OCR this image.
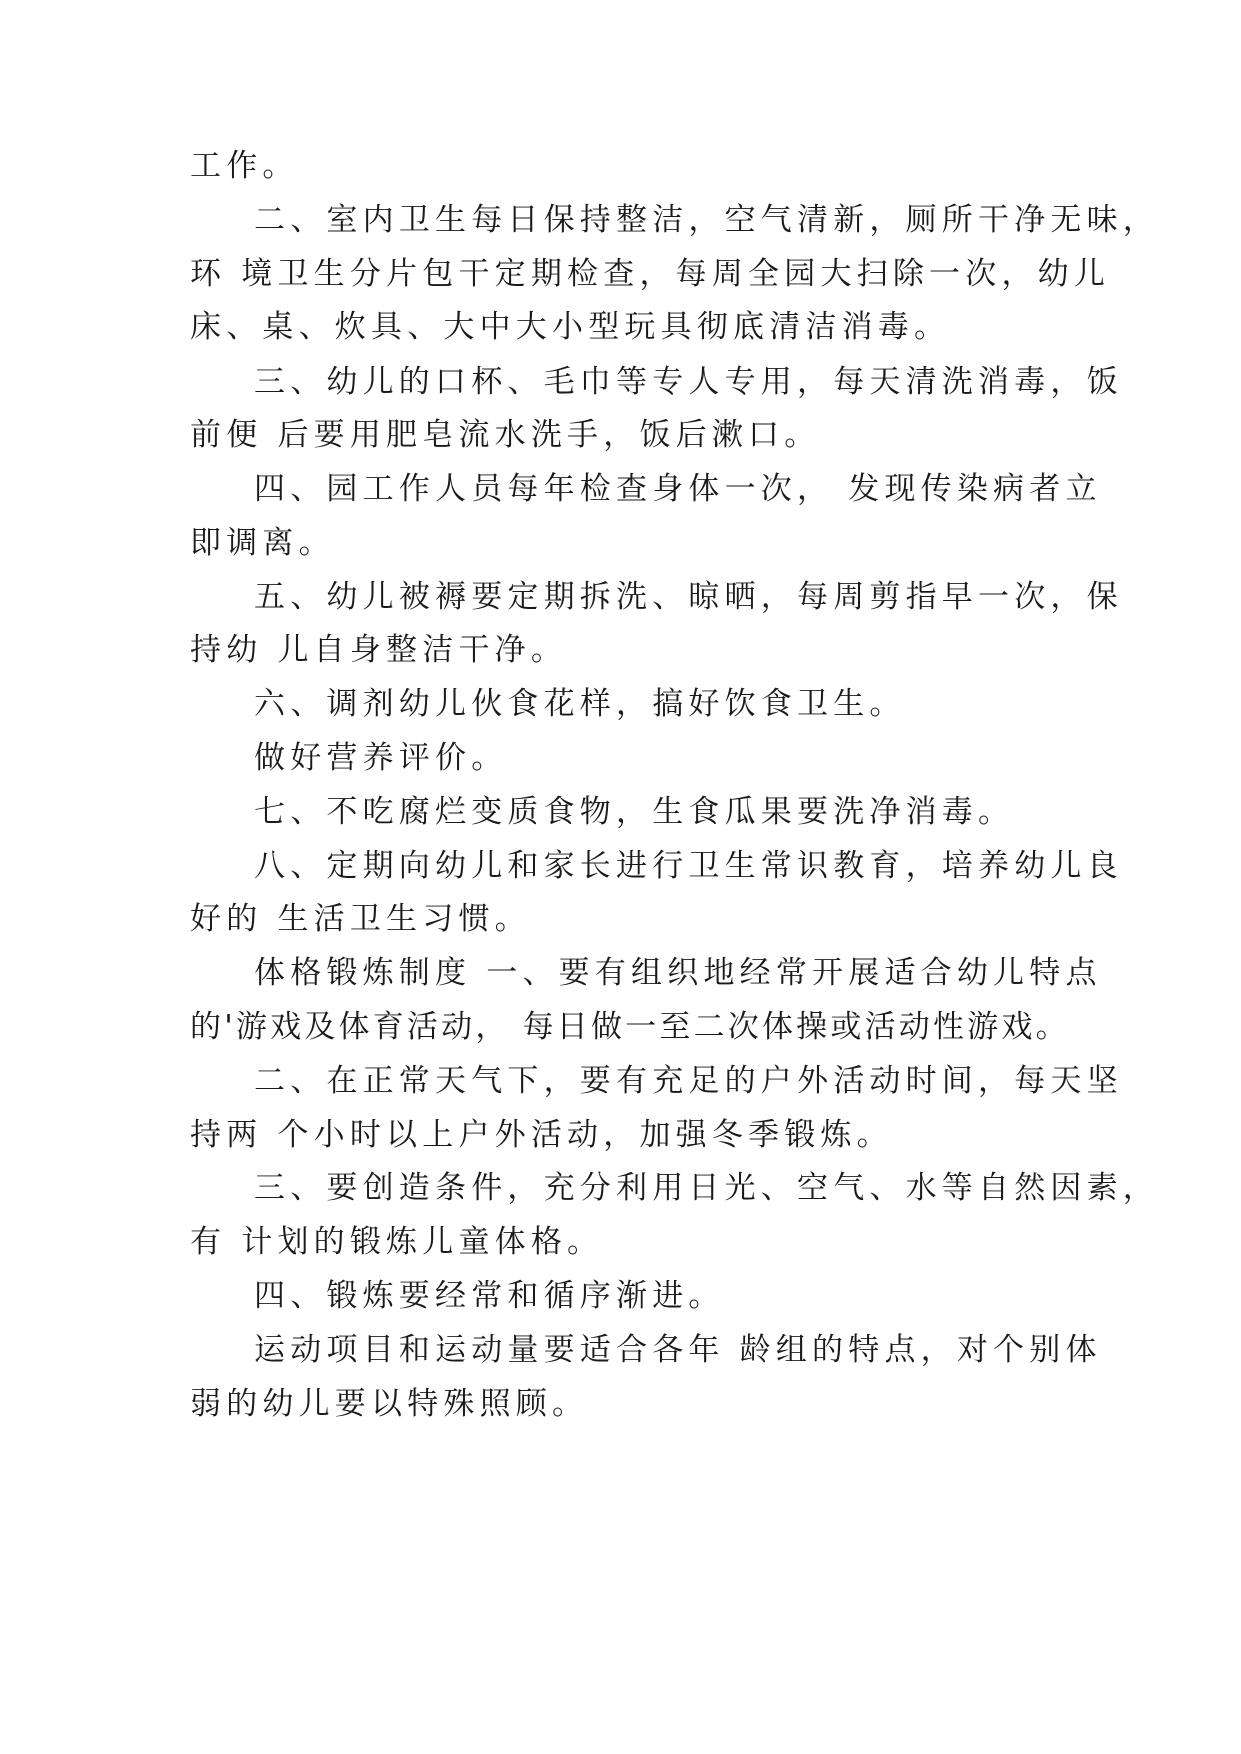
工作。

二、室内卫生每日保持整洁，空气清新，厕所干净无味，

环 境卫生分片包干定期检查，每周全园大扫除一次，幼儿

床、桌、炊具、大中大小型玩具彻底清洁消毒。

三、幼儿的口杯、毛巾等专人专用，每天清洗消毒，饭

前便 后要用肥皂流水洗手，饭后漱口。

四、园工作人员每年检查身体一次， 发现传染病者立

即调离。

五、幼儿被褥要定期拆洗、晾晒，每周剪指早一次，保

持幼 儿自身整洁干净。

六、调剂幼儿伙食花样，搞好饮食卫生。

做好营养评价。

七、不吃腐烂变质食物，生食瓜果要洗净消毒。

八、定期向幼儿和家长进行卫生常识教育，培养幼儿良

好的 生活卫生习惯。

体格锻炼制度 一、要有组织地经常开展适合幼儿特点

的'游戏及体育活动， 每日做一至二次体操或活动性游戏。

二、在正常天气下，要有充足的户外活动时间，每天坚

持两 个小时以上户外活动，加强冬季锻炼。

三、要创造条件，充分利用日光、空气、水等自然因素，

有 计划的锻炼儿童体格。

四、锻炼要经常和循序渐进。

运动项目和运动量要适合各年 龄组的特点，对个别体

弱的幼儿要以特殊照顾。
